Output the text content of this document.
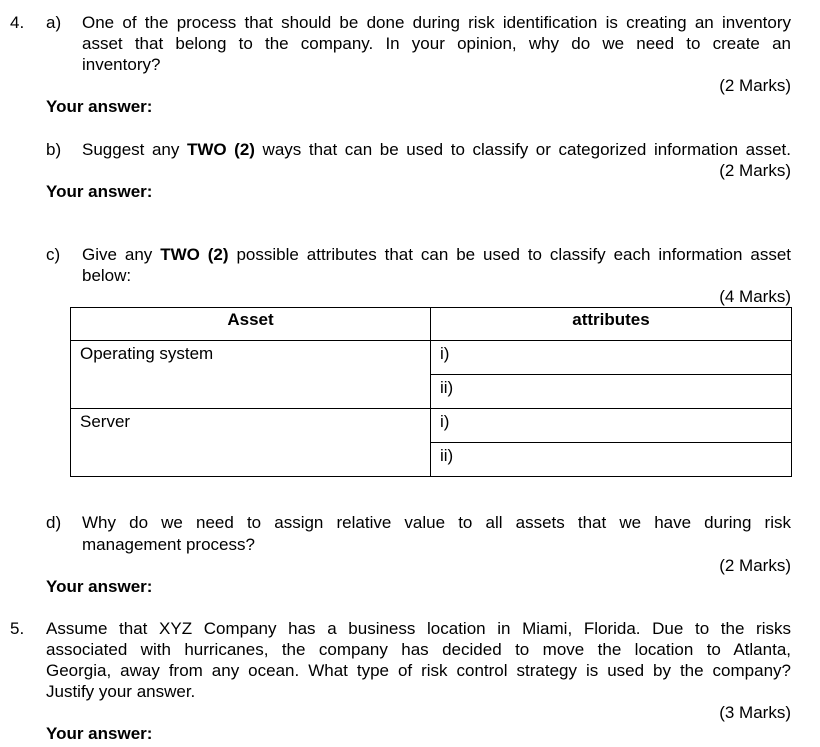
4. a) One of the process that should be done during risk identification is creating an inventory
asset that belong to the company. In your opinion, why do we need to create an
inventory?
(2 Marks)
Your answer:
b) Suggest any TWO (2) ways that can be used to classify or categorized information asset.
(2 Marks)
Your answer:
c) Give any TWO (2) possible attributes that can be used to classify each information asset
below:
(4 Marks)
Asset	attributes
Operating system	i)
	ii)
Server	i)
	ii)
d) Why do we need to assign relative value to all assets that we have during risk
management process?
(2 Marks)
Your answer:
5. Assume that XYZ Company has a business location in Miami, Florida. Due to the risks
associated with hurricanes, the company has decided to move the location to Atlanta,
Georgia, away from any ocean. What type of risk control strategy is used by the company?
Justify your answer.
(3 Marks)
Your answer:
